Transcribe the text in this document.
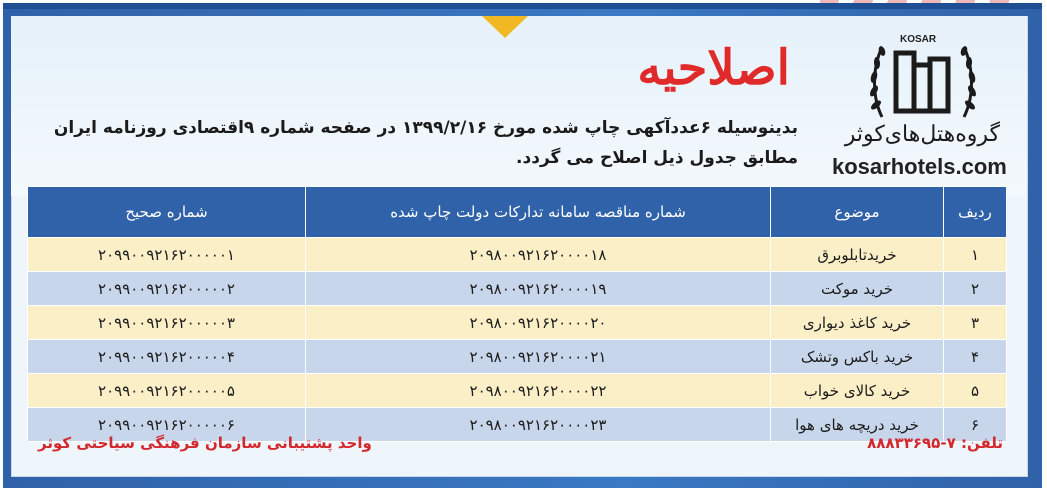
KOSAR
گروه‌هتل‌های‌کوثر
kosarhotels.com
اصلاحیه
بدینوسیله ۶عددآکهی چاپ شده مورخ ۱۳۹۹/۲/۱۶ در صفحه شماره ۹اقتصادی روزنامه ایران مطابق جدول ذیل اصلاح می گردد.
ردیف	موضوع	شماره مناقصه سامانه تدارکات دولت چاپ شده	شماره صحیح
۱	خریدتابلوبرق	۲۰۹۸۰۰۹۲۱۶۲۰۰۰۰۱۸	۲۰۹۹۰۰۹۲۱۶۲۰۰۰۰۰۱
۲	خرید موکت	۲۰۹۸۰۰۹۲۱۶۲۰۰۰۰۱۹	۲۰۹۹۰۰۹۲۱۶۲۰۰۰۰۰۲
۳	خرید کاغذ دیواری	۲۰۹۸۰۰۹۲۱۶۲۰۰۰۰۲۰	۲۰۹۹۰۰۹۲۱۶۲۰۰۰۰۰۳
۴	خرید باکس وتشک	۲۰۹۸۰۰۹۲۱۶۲۰۰۰۰۲۱	۲۰۹۹۰۰۹۲۱۶۲۰۰۰۰۰۴
۵	خرید کالای خواب	۲۰۹۸۰۰۹۲۱۶۲۰۰۰۰۲۲	۲۰۹۹۰۰۹۲۱۶۲۰۰۰۰۰۵
۶	خرید دریچه های هوا	۲۰۹۸۰۰۹۲۱۶۲۰۰۰۰۲۳	۲۰۹۹۰۰۹۲۱۶۲۰۰۰۰۰۶
واحد پشتیبانی سازمان فرهنگی سیاحتی کوثر	تلفن: ۷-۸۸۸۳۳۶۹۵
